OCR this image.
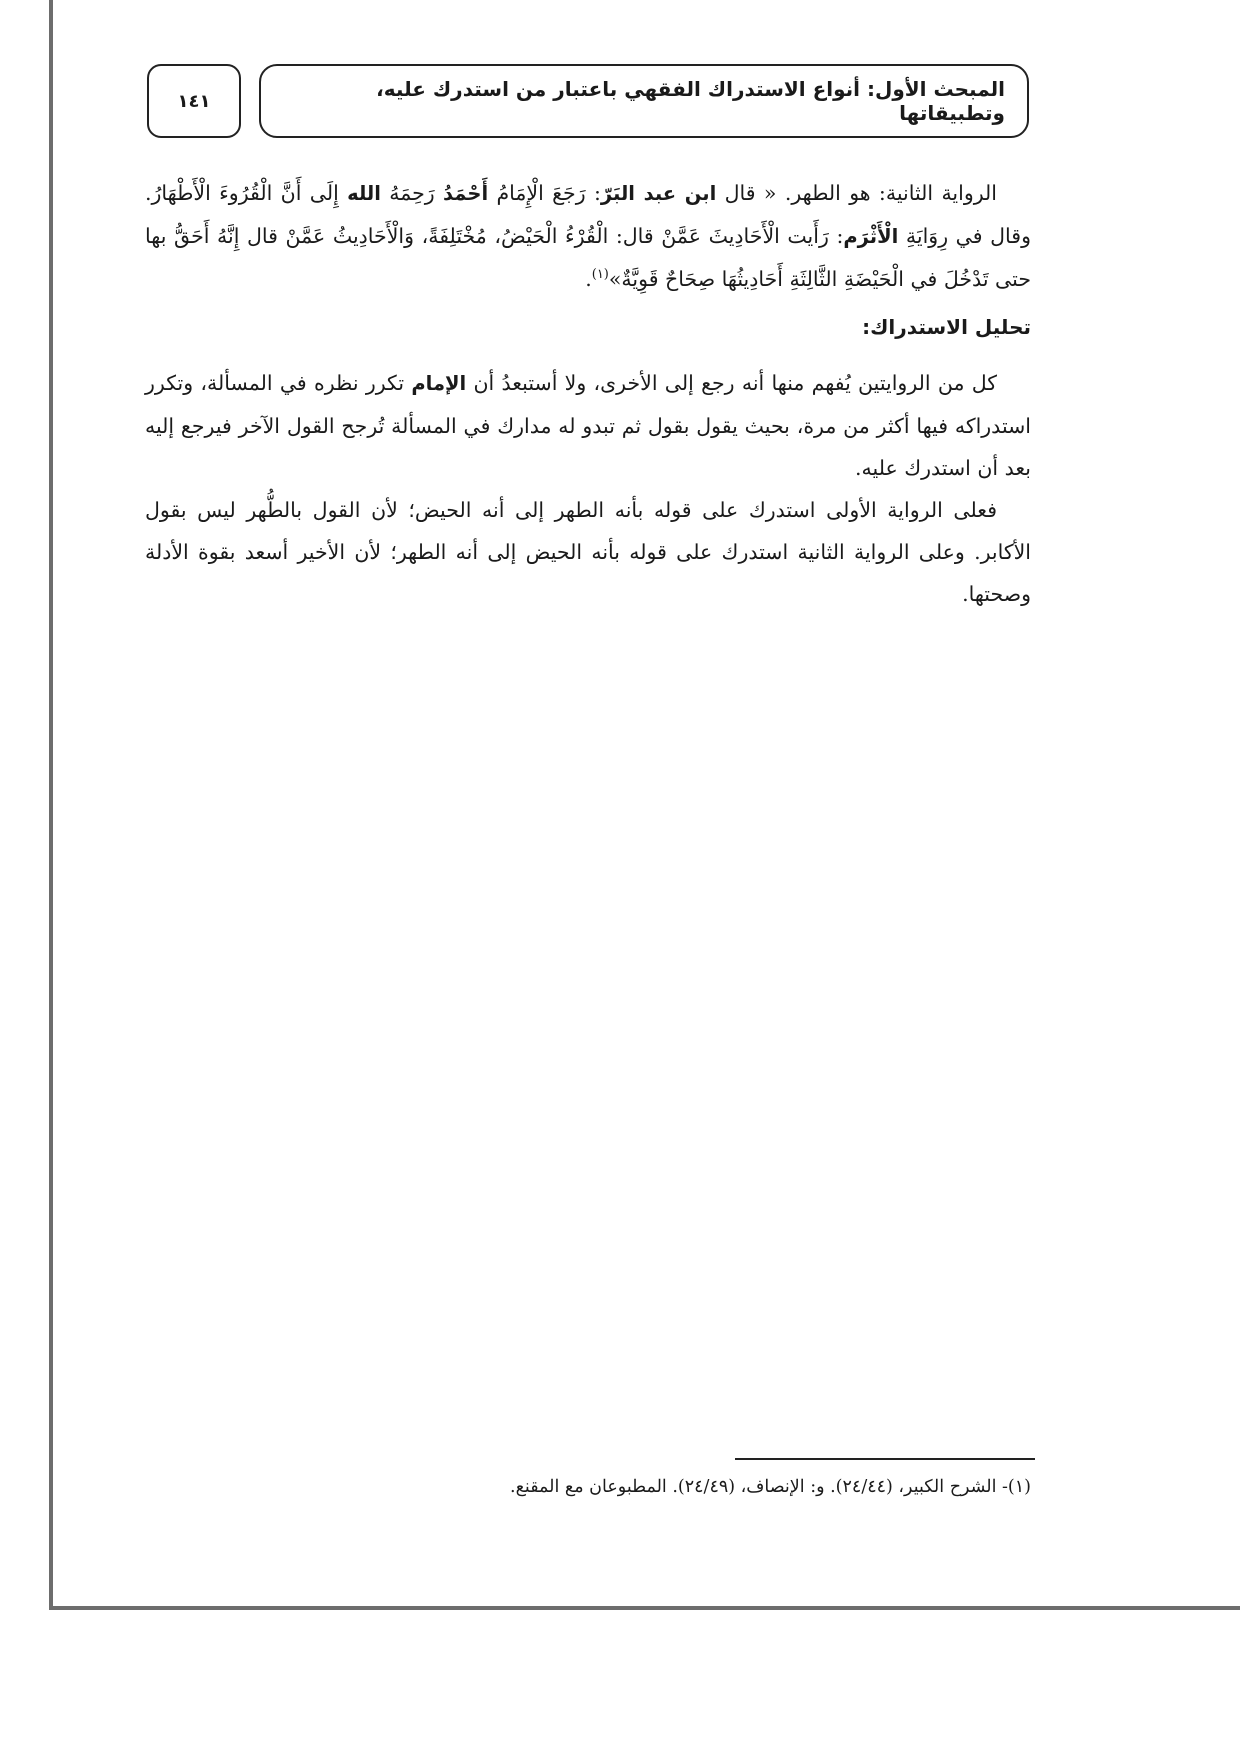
المبحث الأول: أنواع الاستدراك الفقهي باعتبار من استدرك عليه، وتطبيقاتها
١٤١

الرواية الثانية: هو الطهر. « قال ابن عبد البَرّ: رَجَعَ الْإِمَامُ أَحْمَدُ رَحِمَهُ الله إِلَى أَنَّ الْقُرُوءَ الْأَطْهَارُ. وقال في رِوَايَةِ الْأَثْرَم: رَأَيت الْأَحَادِيثَ عَمَّنْ قال: الْقُرْءُ الْحَيْضُ، مُخْتَلِفَةً، وَالْأَحَادِيثُ عَمَّنْ قال إِنَّهُ أَحَقُّ بها حتى تَدْخُلَ في الْحَيْضَةِ الثَّالِثَةِ أَحَادِيثُهَا صِحَاحٌ قَوِيَّةٌ»$^{(١)}$.

تحليل الاستدراك:

كل من الروايتين يُفهم منها أنه رجع إلى الأخرى، ولا أستبعدُ أن الإمام تكرر نظره في المسألة، وتكرر استدراكه فيها أكثر من مرة، بحيث يقول بقول ثم تبدو له مدارك في المسألة تُرجح القول الآخر فيرجع إليه بعد أن استدرك عليه.

فعلى الرواية الأولى استدرك على قوله بأنه الطهر إلى أنه الحيض؛ لأن القول بالطُّهر ليس بقول الأكابر. وعلى الرواية الثانية استدرك على قوله بأنه الحيض إلى أنه الطهر؛ لأن الأخير أسعد بقوة الأدلة وصحتها.

(١)- الشرح الكبير، (٢٤/٤٤). و: الإنصاف، (٢٤/٤٩). المطبوعان مع المقنع.
